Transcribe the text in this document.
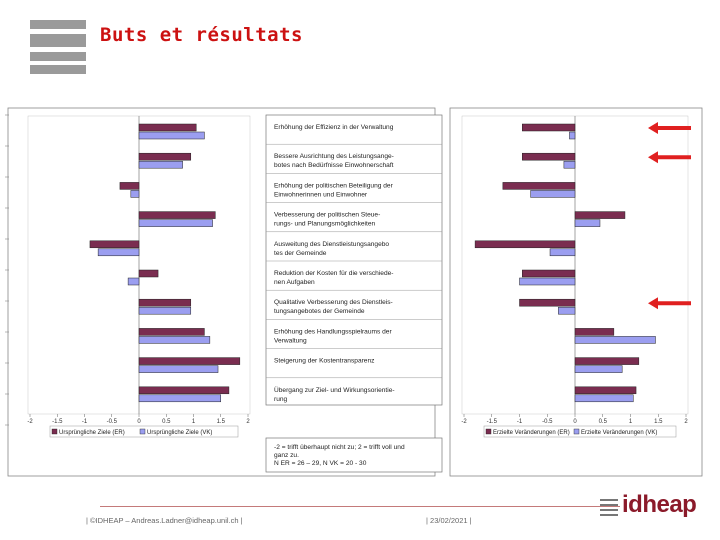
Buts et résultats
Erhöhung der Effizienz in der Verwaltung
Bessere Ausrichtung des Leistungsange-
botes nach Bedürfnisse Einwohnerschaft
Erhöhung der politischen Beteiligung der
Einwohnerinnen und Einwohner
Verbesserung der politischen Steue-
rungs- und Planungsmöglichkeiten
Ausweitung des Dienstleistungsangebo
tes der Gemeinde
Reduktion der Kosten für die verschiede-
nen Aufgaben
Qualitative Verbesserung des Dienstleis-
tungsangebotes der Gemeinde
Erhöhung des Handlungsspielraums der
Verwaltung
Steigerung der Kostentransparenz
Übergang zur Ziel- und Wirkungsorientie-
rung
-2 = trifft überhaupt nicht zu; 2 = trifft voll und
ganz zu.
N ER = 26 – 29, N VK = 20 - 30
-2	-1.5	-1	-0.5	0	0.5	1	1.5	2
Ursprüngliche Ziele (ER)	Ursprüngliche Ziele (VK)
-2	-1.5	-1	-0.5	0	0.5	1	1.5	2
Erzielte Veränderungen (ER) Erzielte Veränderungen (VK)
| ©IDHEAP – Andreas.Ladner@idheap.unil.ch |	| 23/02/2021 |
idheap
